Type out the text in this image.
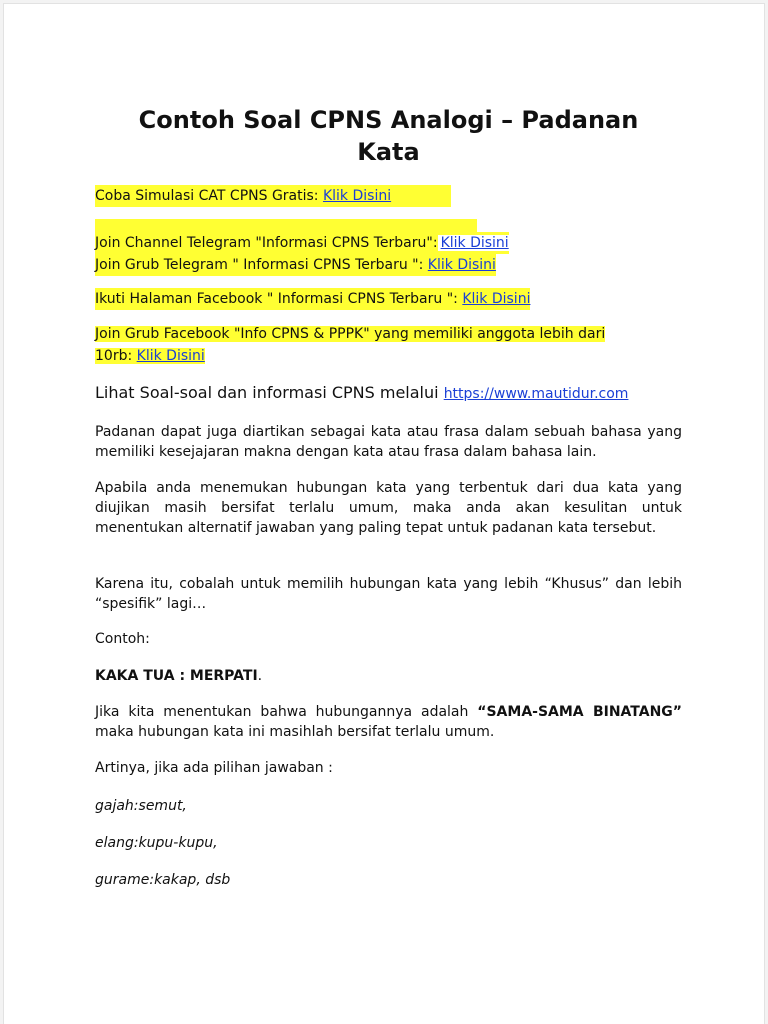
Contoh Soal CPNS Analogi – Padanan
Kata
Coba Simulasi CAT CPNS Gratis: Klik Disini
Join Channel Telegram "Informasi CPNS Terbaru": Klik Disini
Join Grub Telegram " Informasi CPNS Terbaru ": Klik Disini
Ikuti Halaman Facebook " Informasi CPNS Terbaru ": Klik Disini
Join Grub Facebook "Info CPNS & PPPK" yang memiliki anggota lebih dari
10rb: Klik Disini
Lihat Soal-soal dan informasi CPNS melalui https://www.mautidur.com
Padanan dapat juga diartikan sebagai kata atau frasa dalam sebuah bahasa yang memiliki kesejajaran makna dengan kata atau frasa dalam bahasa lain.
Apabila anda menemukan hubungan kata yang terbentuk dari dua kata yang diujikan masih bersifat terlalu umum, maka anda akan kesulitan untuk menentukan alternatif jawaban yang paling tepat untuk padanan kata tersebut.
Karena itu, cobalah untuk memilih hubungan kata yang lebih “Khusus” dan lebih “spesifik” lagi…
Contoh:
KAKA TUA : MERPATI.
Jika kita menentukan bahwa hubungannya adalah “SAMA-SAMA BINATANG” maka hubungan kata ini masihlah bersifat terlalu umum.
Artinya, jika ada pilihan jawaban :
gajah:semut,
elang:kupu-kupu,
gurame:kakap, dsb
